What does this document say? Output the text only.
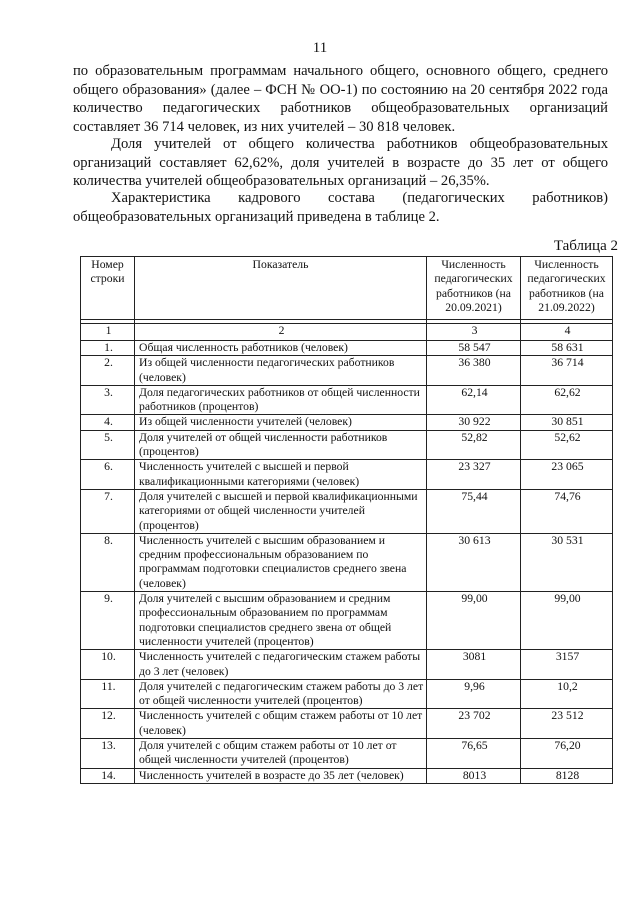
11

по образовательным программам начального общего, основного общего, среднего общего образования» (далее – ФСН № ОО-1) по состоянию на 20 сентября 2022 года количество педагогических работников общеобразовательных организаций составляет 36 714 человек, из них учителей – 30 818 человек.

Доля учителей от общего количества работников общеобразовательных организаций составляет 62,62%, доля учителей в возрасте до 35 лет от общего количества учителей общеобразовательных организаций – 26,35%.

Характеристика кадрового состава (педагогических работников) общеобразовательных организаций приведена в таблице 2.

Таблица 2
Номер строки	Показатель	Численность педагогических работников (на 20.09.2021)	Численность педагогических работников (на 21.09.2022)

1	2	3	4
1.	Общая численность работников (человек)	58 547	58 631
2.	Из общей численности педагогических работников (человек)	36 380	36 714
3.	Доля педагогических работников от общей численности работников (процентов)	62,14	62,62
4.	Из общей численности учителей (человек)	30 922	30 851
5.	Доля учителей от общей численности работников (процентов)	52,82	52,62
6.	Численность учителей с высшей и первой квалификационными категориями (человек)	23 327	23 065
7.	Доля учителей с высшей и первой квалификационными категориями от общей численности учителей (процентов)	75,44	74,76
8.	Численность учителей с высшим образованием и средним профессиональным образованием по программам подготовки специалистов среднего звена (человек)	30 613	30 531
9.	Доля учителей с высшим образованием и средним профессиональным образованием по программам подготовки специалистов среднего звена от общей численности учителей (процентов)	99,00	99,00
10.	Численность учителей с педагогическим стажем работы до 3 лет (человек)	3081	3157
11.	Доля учителей с педагогическим стажем работы до 3 лет от общей численности учителей (процентов)	9,96	10,2
12.	Численность учителей с общим стажем работы от 10 лет (человек)	23 702	23 512
13.	Доля учителей с общим стажем работы от 10 лет от общей численности учителей (процентов)	76,65	76,20
14.	Численность учителей в возрасте до 35 лет (человек)	8013	8128
